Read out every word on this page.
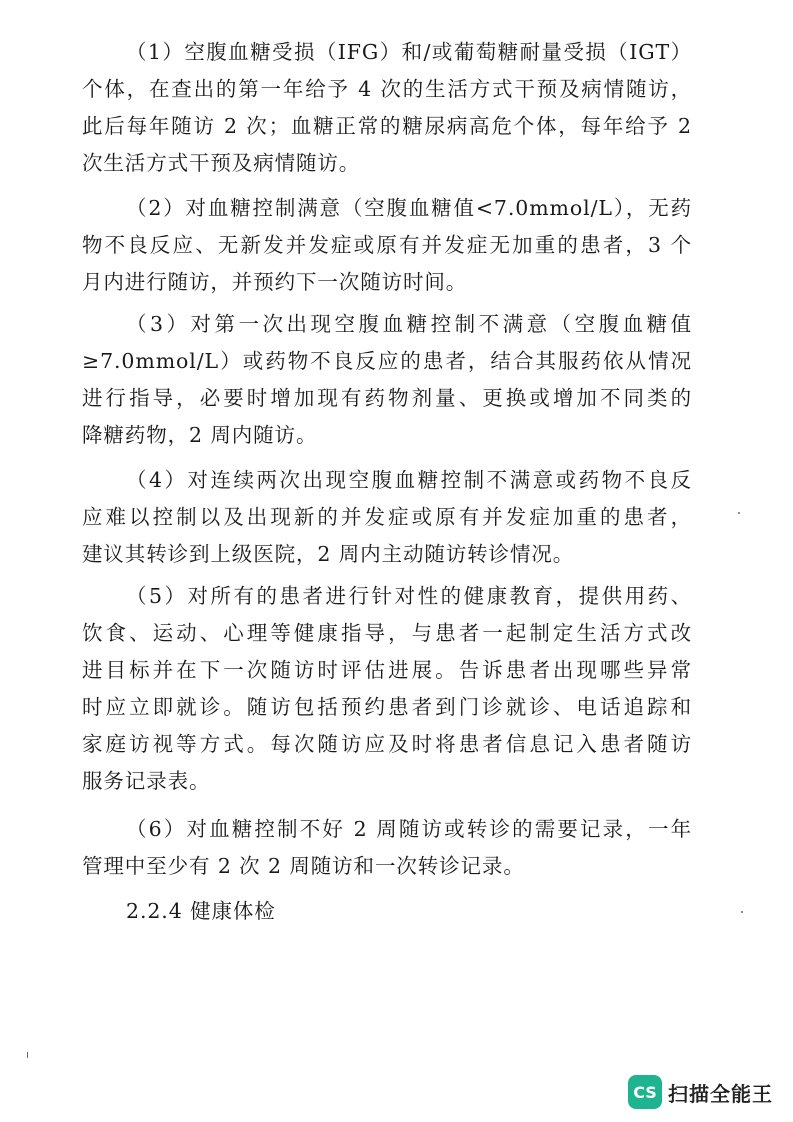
（1）空腹血糖受损（IFG）和/或葡萄糖耐量受损（IGT）
个体，在查出的第一年给予 4 次的生活方式干预及病情随访，
此后每年随访 2 次；血糖正常的糖尿病高危个体，每年给予 2
次生活方式干预及病情随访。
（2）对血糖控制满意（空腹血糖值<7.0mmol/L），无药
物不良反应、无新发并发症或原有并发症无加重的患者，3 个
月内进行随访，并预约下一次随访时间。
（3）对第一次出现空腹血糖控制不满意（空腹血糖值
≥7.0mmol/L）或药物不良反应的患者，结合其服药依从情况
进行指导，必要时增加现有药物剂量、更换或增加不同类的
降糖药物，2 周内随访。
（4）对连续两次出现空腹血糖控制不满意或药物不良反
应难以控制以及出现新的并发症或原有并发症加重的患者，
建议其转诊到上级医院，2 周内主动随访转诊情况。
（5）对所有的患者进行针对性的健康教育，提供用药、
饮食、运动、心理等健康指导，与患者一起制定生活方式改
进目标并在下一次随访时评估进展。告诉患者出现哪些异常
时应立即就诊。随访包括预约患者到门诊就诊、电话追踪和
家庭访视等方式。每次随访应及时将患者信息记入患者随访
服务记录表。
（6）对血糖控制不好 2 周随访或转诊的需要记录，一年
管理中至少有 2 次 2 周随访和一次转诊记录。
2.2.4 健康体检
CS 扫描全能王
